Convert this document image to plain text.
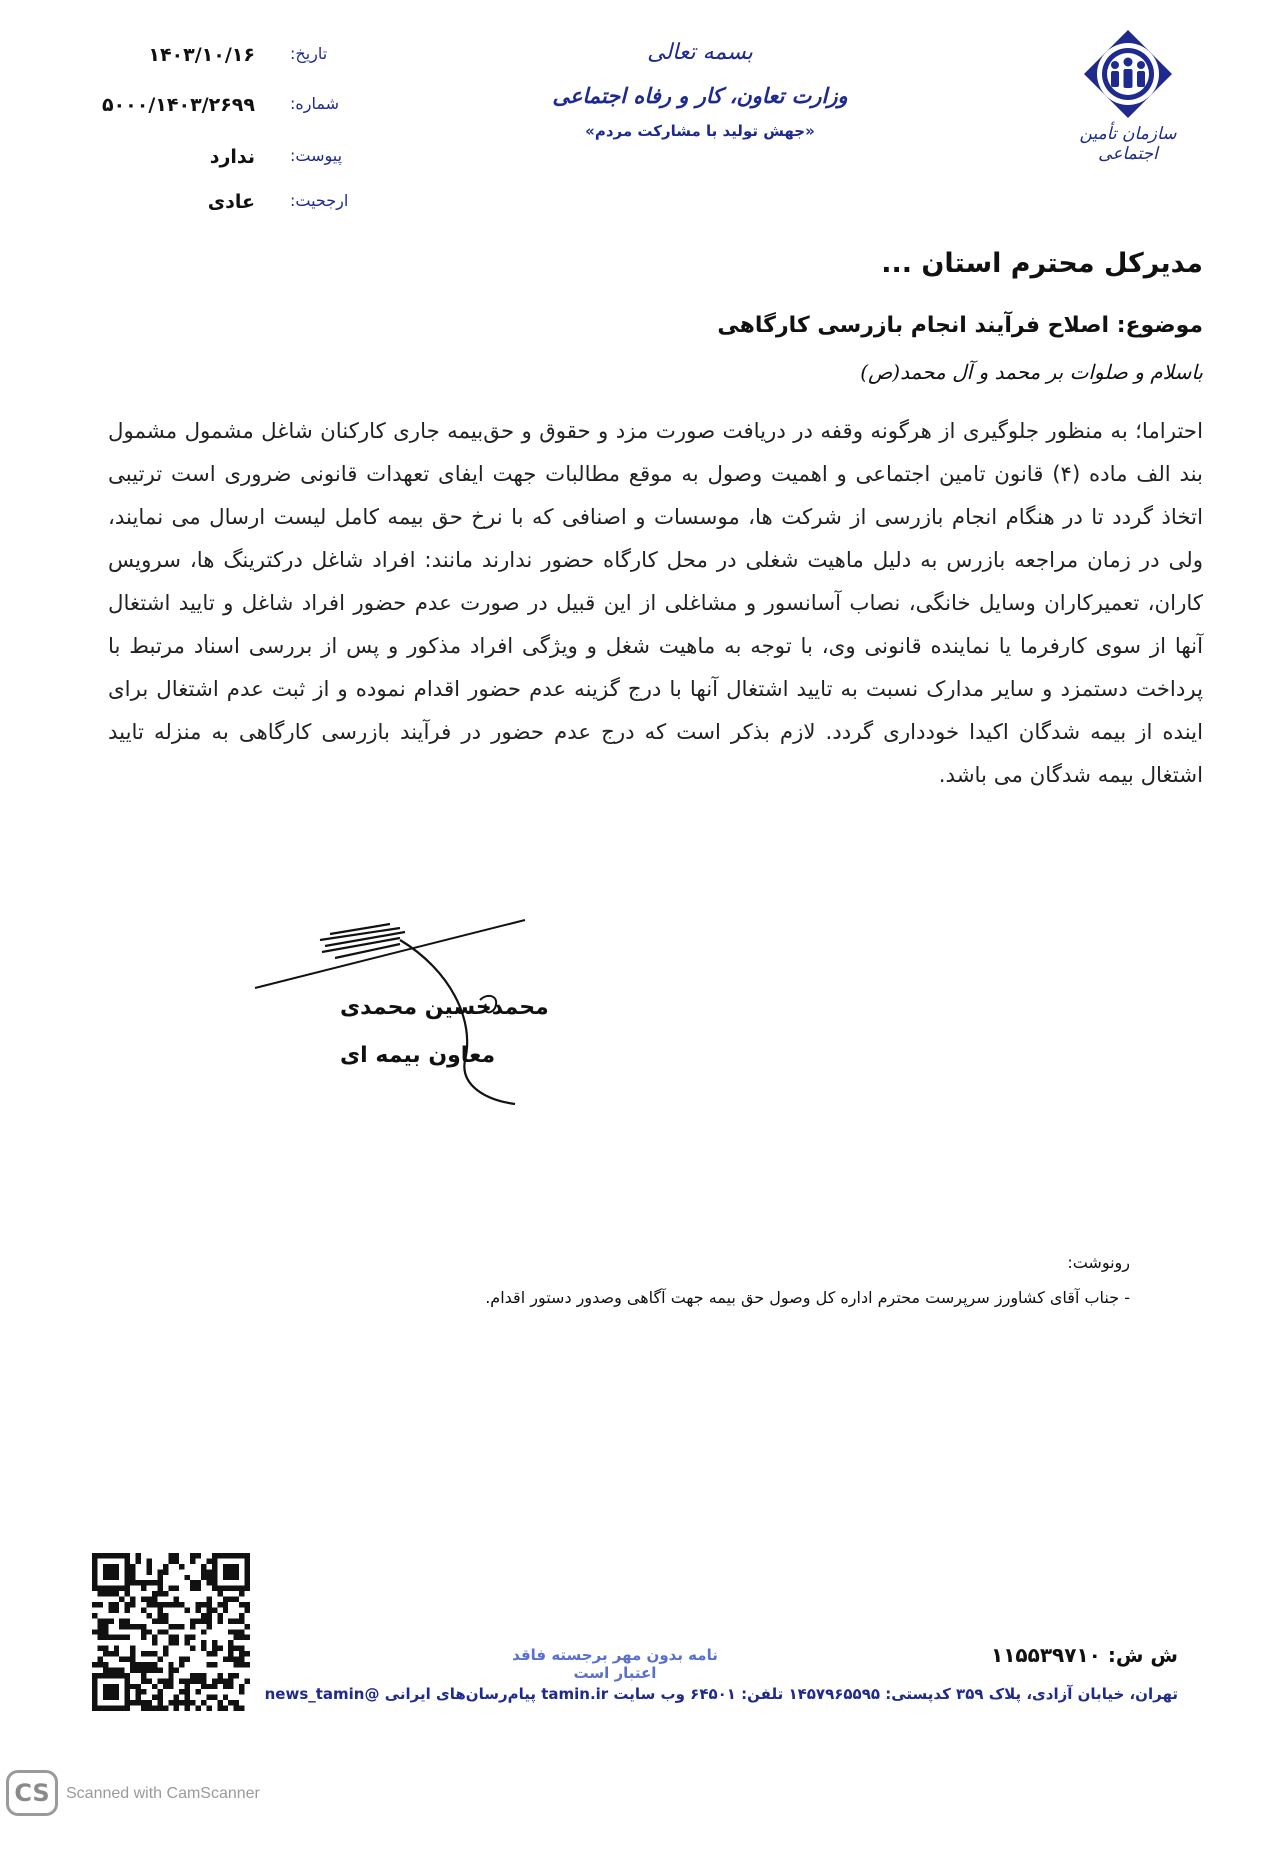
سازمان تأمین اجتماعی
بسمه تعالی
وزارت تعاون، کار و رفاه اجتماعی
«جهش تولید با مشارکت مردم»
تاریخ:
۱۴۰۳/۱۰/۱۶
شماره:
۵۰۰۰/۱۴۰۳/۲۶۹۹
پیوست:
ندارد
ارجحیت:
عادی
مدیرکل محترم استان ...
موضوع: اصلاح فرآیند انجام بازرسی کارگاهی
باسلام و صلوات بر محمد و آل محمد(ص)
احتراما؛ به منظور جلوگیری از هرگونه وقفه در دریافت صورت مزد و حقوق و حق‌بیمه جاری کارکنان شاغل مشمول مشمول بند الف ماده (۴) قانون تامین اجتماعی و اهمیت وصول به موقع مطالبات جهت ایفای تعهدات قانونی ضروری است ترتیبی اتخاذ گردد تا در هنگام انجام بازرسی از شرکت ها، موسسات و اصنافی که با نرخ حق بیمه کامل لیست ارسال می نمایند، ولی در زمان مراجعه بازرس به دلیل ماهیت شغلی در محل کارگاه حضور ندارند مانند: افراد شاغل درکترینگ ها، سرویس کاران، تعمیرکاران وسایل خانگی، نصاب آسانسور و مشاغلی از این قبیل در صورت عدم حضور افراد شاغل و تایید اشتغال آنها از سوی کارفرما یا نماینده قانونی وی، با توجه به ماهیت شغل و ویژگی افراد مذکور و پس از بررسی اسناد مرتبط با پرداخت دستمزد و سایر مدارک نسبت به تایید اشتغال آنها با درج گزینه عدم حضور اقدام نموده و از ثبت عدم اشتغال برای اینده از بیمه شدگان اکیدا خودداری گردد. لازم بذکر است که درج عدم حضور در فرآیند بازرسی کارگاهی به منزله تایید اشتغال بیمه شدگان می باشد.
محمدحسین محمدی
معاون بیمه ای
رونوشت:
- جناب آقای کشاورز سرپرست محترم اداره کل وصول حق بیمه جهت آگاهی وصدور دستور اقدام.
نامه بدون مهر برجسته فاقد اعتبار است
ش ش: ۱۱۵۵۳۹۷۱۰
تهران، خیابان آزادی، پلاک ۳۵۹ کدپستی: ۱۴۵۷۹۶۵۵۹۵ تلفن: ۶۴۵۰۱ وب سایت tamin.ir پیام‌رسان‌های ایرانی @news_tamin
CS	Scanned with CamScanner
